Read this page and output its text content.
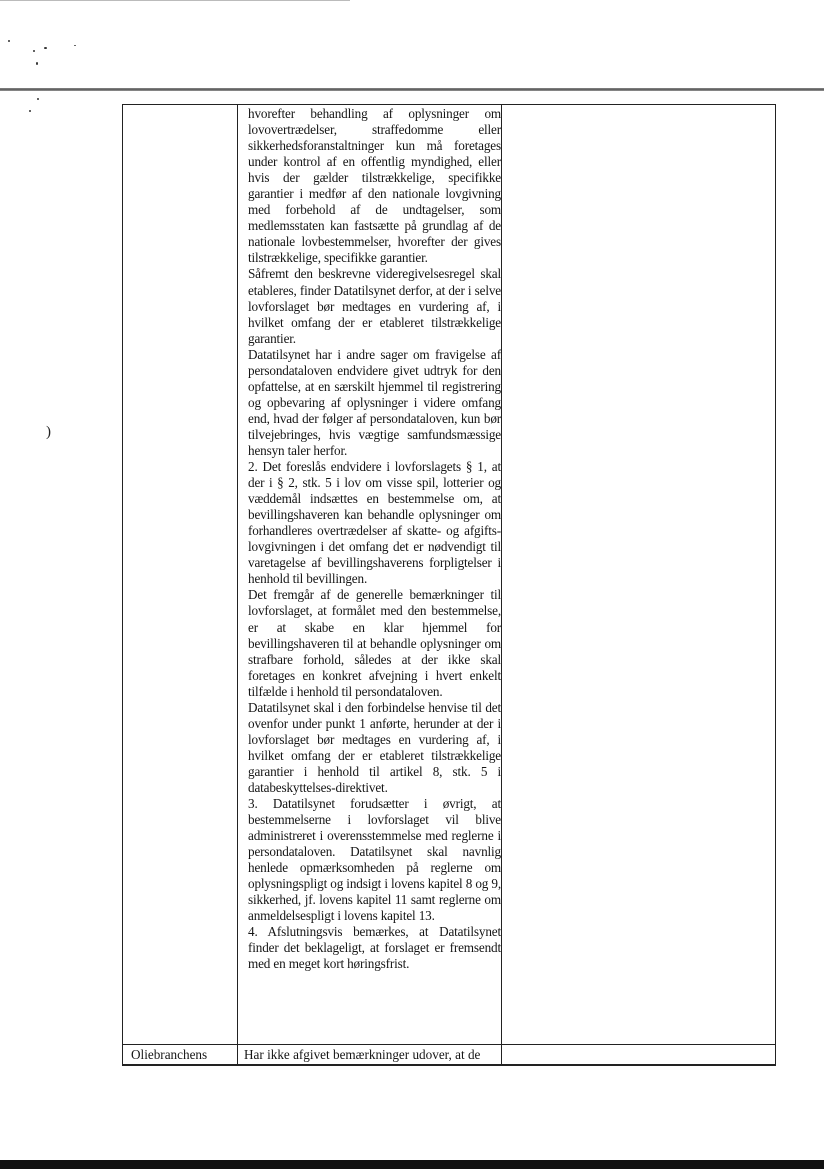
)

hvorefter behandling af oplysninger om lovovertrædelser, straffedomme eller sikkerhedsforanstaltninger kun må foretages under kontrol af en offentlig myndighed, eller hvis der gælder tilstrækkelige, specifikke garantier i medfør af den nationale lovgivning med forbehold af de undtagelser, som medlemsstaten kan fastsætte på grundlag af de nationale lovbestemmelser, hvorefter der gives tilstrækkelige, specifikke garantier.

Såfremt den beskrevne videregivelsesregel skal etableres, finder Datatilsynet derfor, at der i selve lovforslaget bør medtages en vurdering af, i hvilket omfang der er etableret tilstrækkelige garantier.

Datatilsynet har i andre sager om fravigelse af persondataloven endvidere givet udtryk for den opfattelse, at en særskilt hjemmel til registrering og opbevaring af oplysninger i videre omfang end, hvad der følger af persondataloven, kun bør tilvejebringes, hvis vægtige samfundsmæssige hensyn taler herfor.

2. Det foreslås endvidere i lovforslagets § 1, at der i § 2, stk. 5 i lov om visse spil, lotterier og væddemål indsættes en bestemmelse om, at bevillingshaveren kan behandle oplysninger om forhandleres overtrædelser af skatte- og afgifts-lovgivningen i det omfang det er nødvendigt til varetagelse af bevillingshaverens forpligtelser i henhold til bevillingen.

Det fremgår af de generelle bemærkninger til lovforslaget, at formålet med den bestemmelse, er at skabe en klar hjemmel for bevillingshaveren til at behandle oplysninger om strafbare forhold, således at der ikke skal foretages en konkret afvejning i hvert enkelt tilfælde i henhold til persondataloven.

Datatilsynet skal i den forbindelse henvise til det ovenfor under punkt 1 anførte, herunder at der i lovforslaget bør medtages en vurdering af, i hvilket omfang der er etableret tilstrækkelige garantier i henhold til artikel 8, stk. 5 i databeskyttelses-direktivet.

3. Datatilsynet forudsætter i øvrigt, at bestemmelserne i lovforslaget vil blive administreret i overensstemmelse med reglerne i persondataloven. Datatilsynet skal navnlig henlede opmærksomheden på reglerne om oplysningspligt og indsigt i lovens kapitel 8 og 9, sikkerhed, jf. lovens kapitel 11 samt reglerne om anmeldelsespligt i lovens kapitel 13.

4. Afslutningsvis bemærkes, at Datatilsynet finder det beklageligt, at forslaget er fremsendt med en meget kort høringsfrist.

Oliebranchens	Har ikke afgivet bemærkninger udover, at de
